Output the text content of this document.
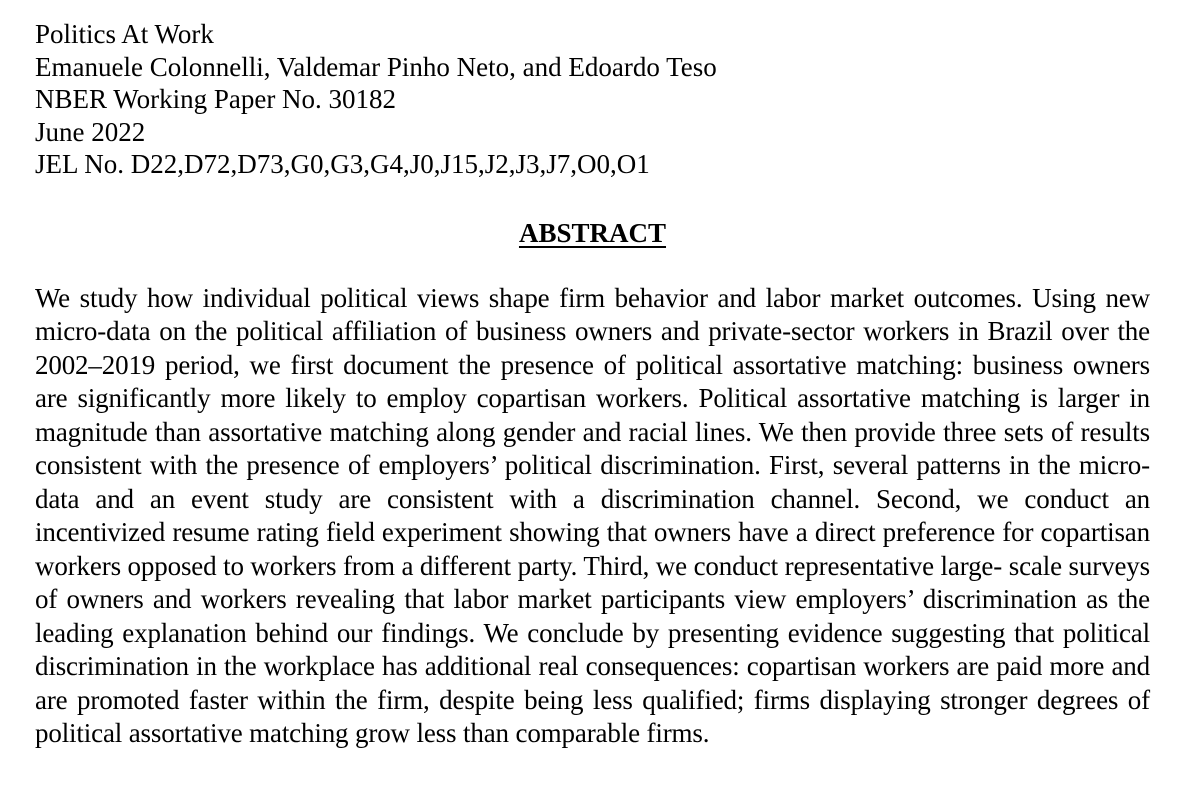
Politics At Work
Emanuele Colonnelli, Valdemar Pinho Neto, and Edoardo Teso
NBER Working Paper No. 30182
June 2022
JEL No. D22,D72,D73,G0,G3,G4,J0,J15,J2,J3,J7,O0,O1
ABSTRACT

We study how individual political views shape firm behavior and labor market outcomes. Using new micro-data on the political affiliation of business owners and private-sector workers in Brazil over the 2002–2019 period, we first document the presence of political assortative matching: business owners are significantly more likely to employ copartisan workers. Political assortative matching is larger in magnitude than assortative matching along gender and racial lines. We then provide three sets of results consistent with the presence of employers’ political discrimination. First, several patterns in the micro-data and an event study are consistent with a discrimination channel. Second, we conduct an incentivized resume rating field experiment showing that owners have a direct preference for copartisan workers opposed to workers from a different party. Third, we conduct representative large- scale surveys of owners and workers revealing that labor market participants view employers’ discrimination as the leading explanation behind our findings. We conclude by presenting evidence suggesting that political discrimination in the workplace has additional real consequences: copartisan workers are paid more and are promoted faster within the firm, despite being less qualified; firms displaying stronger degrees of political assortative matching grow less than comparable firms.
